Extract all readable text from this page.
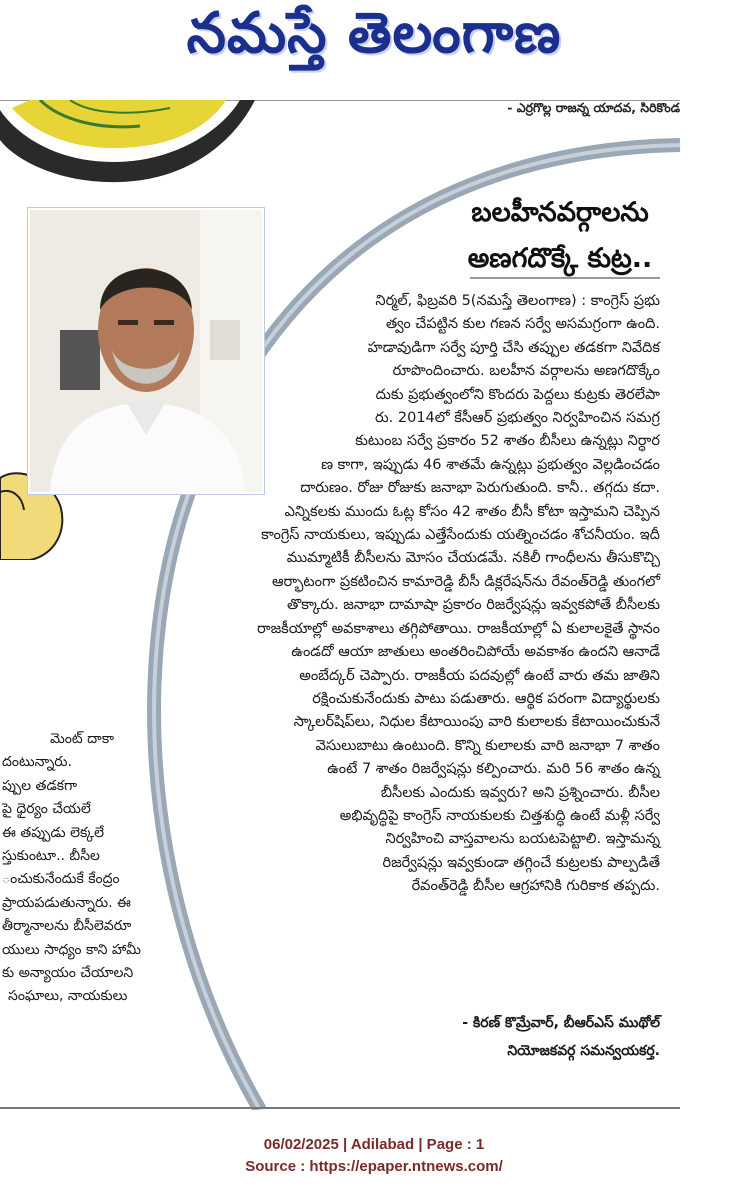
నమస్తే తెలంగాణ
- ఎర్రగొల్ల రాజన్న యాదవ, సిరికొండ
మెంట్ దాకా
దంటున్నారు.
ప్పుల తడకగా
పై ధైర్యం చేయలే
ఈ తప్పుడు లెక్కలే
స్తుకుంటూ.. బీసీల
ంచుకునేందుకే కేంద్రం
ప్రాయపడుతున్నారు. ఈ
తీర్మానాలను బీసీలెవరూ
యులు సాధ్యం కాని హామీ
కు అన్యాయం చేయాలని
సంఘాలు, నాయకులు
బలహీనవర్గాలను
అణగదొక్కే కుట్ర..
నిర్మల్, ఫిబ్రవరి 5(నమస్తే తెలంగాణ) : కాంగ్రెస్ ప్రభు
త్వం చేపట్టిన కుల గణన సర్వే అసమగ్రంగా ఉంది.
హడావుడిగా సర్వే పూర్తి చేసి తప్పుల తడకగా నివేదిక
రూపొందించారు. బలహీన వర్గాలను అణగదొక్కేం
దుకు ప్రభుత్వంలోని కొందరు పెద్దలు కుట్రకు తెరలేపా
రు. 2014లో కేసీఆర్ ప్రభుత్వం నిర్వహించిన సమగ్ర
కుటుంబ సర్వే ప్రకారం 52 శాతం బీసీలు ఉన్నట్లు నిర్ధార
ణ కాగా, ఇప్పుడు 46 శాతమే ఉన్నట్లు ప్రభుత్వం వెల్లడించడం
దారుణం. రోజు రోజుకు జనాభా పెరుగుతుంది. కానీ.. తగ్గదు కదా.
ఎన్నికలకు ముందు ఓట్ల కోసం 42 శాతం బీసీ కోటా ఇస్తామని చెప్పిన
కాంగ్రెస్ నాయకులు, ఇప్పుడు ఎత్తేసేందుకు యత్నించడం శోచనీయం. ఇదీ
ముమ్మాటికీ బీసీలను మోసం చేయడమే. నకిలీ గాంధీలను తీసుకొచ్చి
ఆర్భాటంగా ప్రకటించిన కామారెడ్డి బీసీ డిక్లరేషన్‌ను రేవంత్‌రెడ్డి తుంగలో
తొక్కారు. జనాభా దామాషా ప్రకారం రిజర్వేషన్లు ఇవ్వకపోతే బీసీలకు
రాజకీయాల్లో అవకాశాలు తగ్గిపోతాయి. రాజకీయాల్లో ఏ కులాలకైతే స్థానం
ఉండదో ఆయా జాతులు అంతరించిపోయే అవకాశం ఉందని ఆనాడే
అంబేద్కర్ చెప్పారు. రాజకీయ పదవుల్లో ఉంటే వారు తమ జాతిని
రక్షించుకునేందుకు పాటు పడుతారు. ఆర్థిక పరంగా విద్యార్థులకు
స్కాలర్‌షిప్‌లు, నిధుల కేటాయింపు వారి కులాలకు కేటాయించుకునే
వెసులుబాటు ఉంటుంది. కొన్ని కులాలకు వారి జనాభా 7 శాతం
ఉంటే 7 శాతం రిజర్వేషన్లు కల్పించారు. మరి 56 శాతం ఉన్న
బీసీలకు ఎందుకు ఇవ్వరు? అని ప్రశ్నించారు. బీసీల
అభివృద్ధిపై కాంగ్రెస్ నాయకులకు చిత్తశుద్ధి ఉంటే మళ్లీ సర్వే
నిర్వహించి వాస్తవాలను బయటపెట్టాలి. ఇస్తామన్న
రిజర్వేషన్లు ఇవ్వకుండా తగ్గించే కుట్రలకు పాల్పడితే
రేవంత్‌రెడ్డి బీసీల ఆగ్రహానికి గురికాక తప్పదు.
- కిరణ్ కొమ్రేవార్, బీఆర్ఎస్ ముథోల్
నియోజకవర్గ సమన్వయకర్త.
06/02/2025 | Adilabad | Page : 1
Source : https://epaper.ntnews.com/
